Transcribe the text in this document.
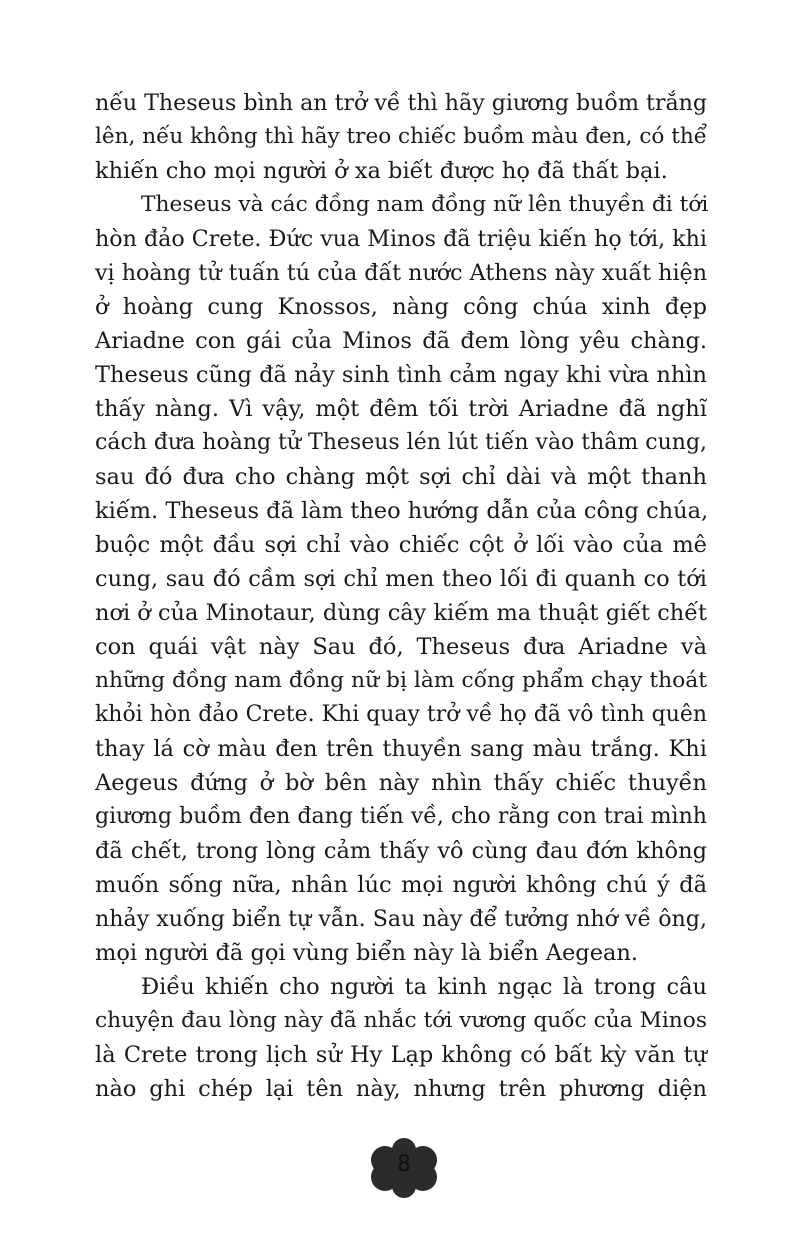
nếu Theseus bình an trở về thì hãy giương buồm trắng
lên, nếu không thì hãy treo chiếc buồm màu đen, có thể
khiến cho mọi người ở xa biết được họ đã thất bại.
Theseus và các đồng nam đồng nữ lên thuyền đi tới
hòn đảo Crete. Đức vua Minos đã triệu kiến họ tới, khi
vị hoàng tử tuấn tú của đất nước Athens này xuất hiện
ở hoàng cung Knossos, nàng công chúa xinh đẹp
Ariadne con gái của Minos đã đem lòng yêu chàng.
Theseus cũng đã nảy sinh tình cảm ngay khi vừa nhìn
thấy nàng. Vì vậy, một đêm tối trời Ariadne đã nghĩ
cách đưa hoàng tử Theseus lén lút tiến vào thâm cung,
sau đó đưa cho chàng một sợi chỉ dài và một thanh
kiếm. Theseus đã làm theo hướng dẫn của công chúa,
buộc một đầu sợi chỉ vào chiếc cột ở lối vào của mê
cung, sau đó cầm sợi chỉ men theo lối đi quanh co tới
nơi ở của Minotaur, dùng cây kiếm ma thuật giết chết
con quái vật này Sau đó, Theseus đưa Ariadne và
những đồng nam đồng nữ bị làm cống phẩm chạy thoát
khỏi hòn đảo Crete. Khi quay trở về họ đã vô tình quên
thay lá cờ màu đen trên thuyền sang màu trắng. Khi
Aegeus đứng ở bờ bên này nhìn thấy chiếc thuyền
giương buồm đen đang tiến về, cho rằng con trai mình
đã chết, trong lòng cảm thấy vô cùng đau đớn không
muốn sống nữa, nhân lúc mọi người không chú ý đã
nhảy xuống biển tự vẫn. Sau này để tưởng nhớ về ông,
mọi người đã gọi vùng biển này là biển Aegean.
Điều khiến cho người ta kinh ngạc là trong câu
chuyện đau lòng này đã nhắc tới vương quốc của Minos
là Crete trong lịch sử Hy Lạp không có bất kỳ văn tự
nào ghi chép lại tên này, nhưng trên phương diện
8
